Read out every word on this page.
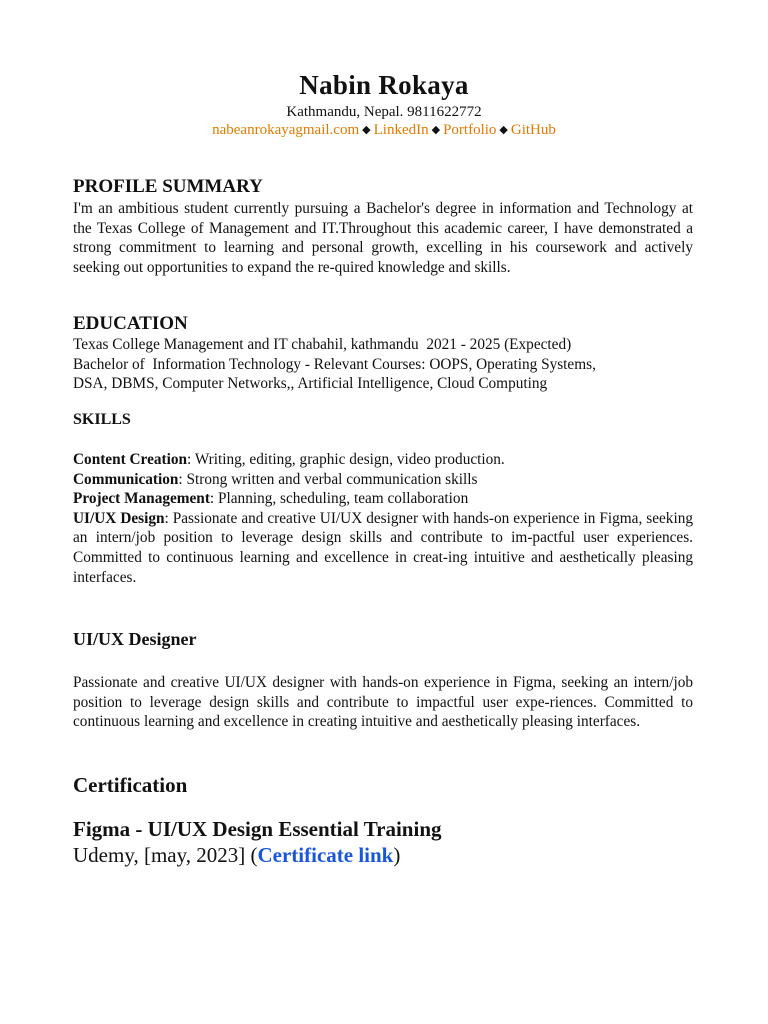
Nabin Rokaya
Kathmandu, Nepal. 9811622772
nabeanrokayagmail.com ◆ LinkedIn ◆ Portfolio ◆ GitHub
PROFILE SUMMARY
I'm an ambitious student currently pursuing a Bachelor's degree in information and Technology at the Texas College of Management and IT.Throughout this academic career, I have demonstrated a strong commitment to learning and personal growth, excelling in his coursework and actively seeking out opportunities to expand the re-quired knowledge and skills.
EDUCATION
Texas College Management and IT chabahil, kathmandu  2021 - 2025 (Expected)
Bachelor of  Information Technology - Relevant Courses: OOPS, Operating Systems,
DSA, DBMS, Computer Networks,, Artificial Intelligence, Cloud Computing
SKILLS
Content Creation: Writing, editing, graphic design, video production.
Communication: Strong written and verbal communication skills
Project Management: Planning, scheduling, team collaboration
UI/UX Design: Passionate and creative UI/UX designer with hands-on experience in Figma, seeking an intern/job position to leverage design skills and contribute to im-pactful user experiences. Committed to continuous learning and excellence in creat-ing intuitive and aesthetically pleasing interfaces.
UI/UX Designer
Passionate and creative UI/UX designer with hands-on experience in Figma, seeking an intern/job position to leverage design skills and contribute to impactful user expe-riences. Committed to continuous learning and excellence in creating intuitive and aesthetically pleasing interfaces.
Certification
Figma - UI/UX Design Essential Training
Udemy, [may, 2023] (Certificate link)
